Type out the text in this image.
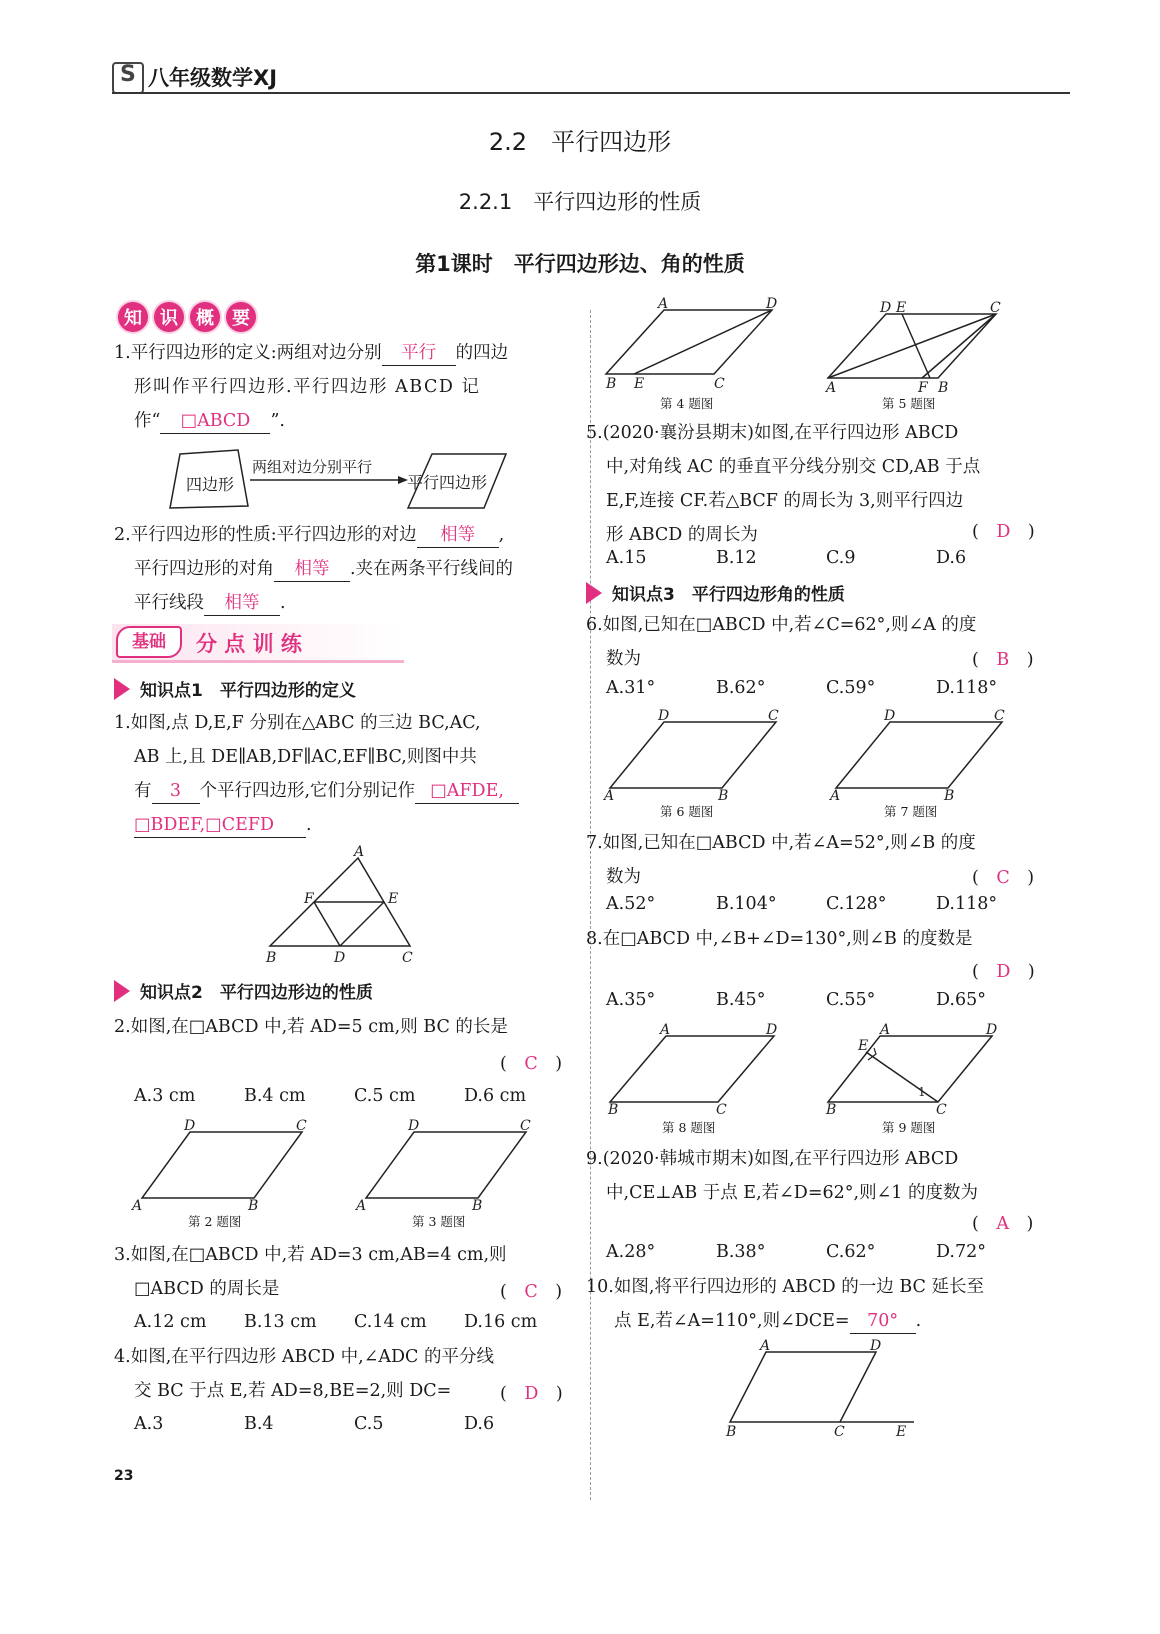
S 八年级数学XJ
2.2　平行四边形
2.2.1　平行四边形的性质
第1课时　平行四边形边、角的性质
知	识	概	要
1.平行四边形的定义:两组对边分别 平行 的四边
形叫作平行四边形.平行四边形 ABCD 记
作“ □ABCD ”.
四边形
两组对边分别平行
平行四边形
2.平行四边形的性质:平行四边形的对边 相等 ,
平行四边形的对角 相等 .夹在两条平行线间的
平行线段 相等 .
基础	分 点 训 练
知识点1　平行四边形的定义
1.如图,点 D,E,F 分别在△ABC 的三边 BC,AC,
AB 上,且 DE∥AB,DF∥AC,EF∥BC,则图中共
有 3 个平行四边形,它们分别记作 □AFDE,
□BDEF,□CEFD .
A
F	E
B	D	C
知识点2　平行四边形边的性质
2.如图,在□ABCD 中,若 AD=5 cm,则 BC 的长是
(　C　)
A.3 cm	B.4 cm	C.5 cm	D.6 cm
D	C
A	B
第 2 题图
D	C
A	B
第 3 题图
3.如图,在□ABCD 中,若 AD=3 cm,AB=4 cm,则
□ABCD 的周长是	(　C　)
A.12 cm	B.13 cm	C.14 cm	D.16 cm
4.如图,在平行四边形 ABCD 中,∠ADC 的平分线
交 BC 于点 E,若 AD=8,BE=2,则 DC=	(　D　)
A.3	B.4	C.5	D.6
A	D
B E	C
第 4 题图
D E	C
A	F B
第 5 题图
5.(2020·襄汾县期末)如图,在平行四边形 ABCD
中,对角线 AC 的垂直平分线分别交 CD,AB 于点
E,F,连接 CF.若△BCF 的周长为 3,则平行四边
形 ABCD 的周长为	(　D　)
A.15	B.12	C.9	D.6
知识点3　平行四边形角的性质
6.如图,已知在□ABCD 中,若∠C=62°,则∠A 的度
数为	(　B　)
A.31°	B.62°	C.59°	D.118°
D	C
A	B
第 6 题图
D	C
A	B
第 7 题图
7.如图,已知在□ABCD 中,若∠A=52°,则∠B 的度
数为	(　C　)
A.52°	B.104°	C.128°	D.118°
8.在□ABCD 中,∠B+∠D=130°,则∠B 的度数是
(　D　)
A.35°	B.45°	C.55°	D.65°
A	D
B	C
第 8 题图
A	D
E
1
B	C
第 9 题图
9.(2020·韩城市期末)如图,在平行四边形 ABCD
中,CE⊥AB 于点 E,若∠D=62°,则∠1 的度数为
(　A　)
A.28°	B.38°	C.62°	D.72°
10.如图,将平行四边形的 ABCD 的一边 BC 延长至
点 E,若∠A=110°,则∠DCE= 70° .
A	D
B	C	E
23
